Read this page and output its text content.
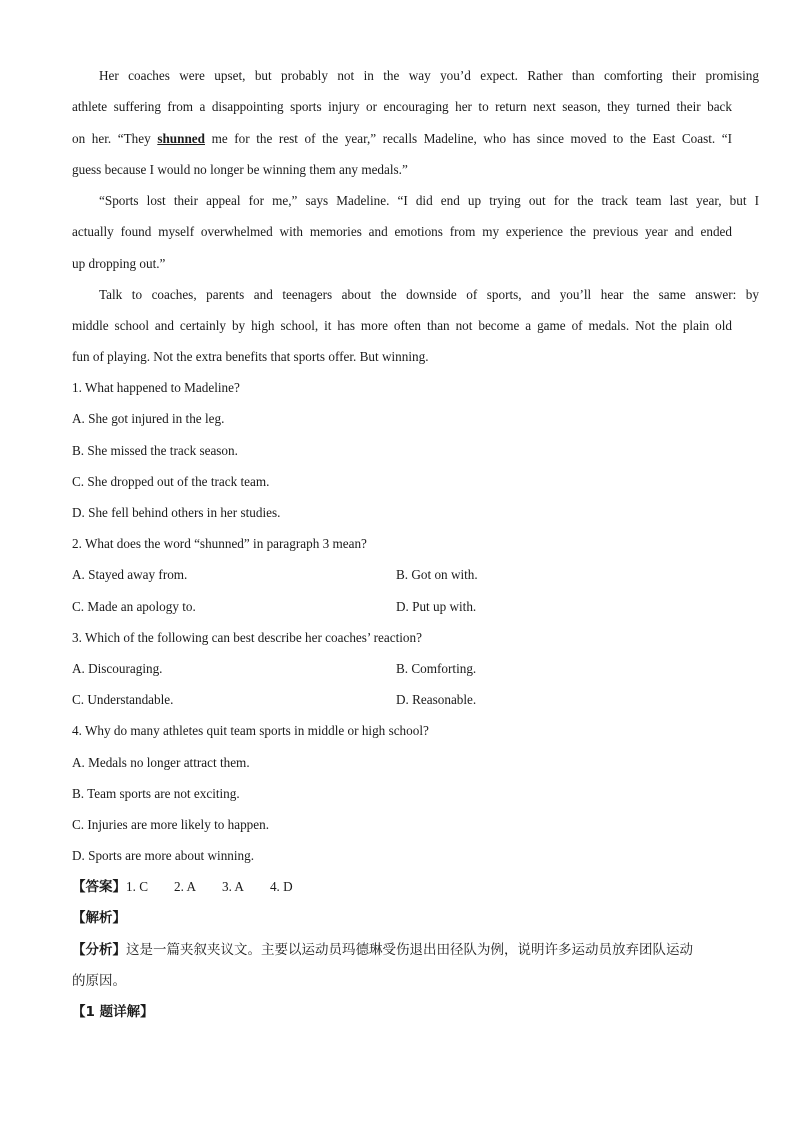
Her coaches were upset, but probably not in the way you’d expect. Rather than comforting their promising
athlete suffering from a disappointing sports injury or encouraging her to return next season, they turned their back
on her. “They shunned me for the rest of the year,” recalls Madeline, who has since moved to the East Coast. “I
guess because I would no longer be winning them any medals.”
“Sports lost their appeal for me,” says Madeline. “I did end up trying out for the track team last year, but I
actually found myself overwhelmed with memories and emotions from my experience the previous year and ended
up dropping out.”
Talk to coaches, parents and teenagers about the downside of sports, and you’ll hear the same answer: by
middle school and certainly by high school, it has more often than not become a game of medals. Not the plain old
fun of playing. Not the extra benefits that sports offer. But winning.
1. What happened to Madeline?
A. She got injured in the leg.
B. She missed the track season.
C. She dropped out of the track team.
D. She fell behind others in her studies.
2. What does the word “shunned” in paragraph 3 mean?
A. Stayed away from.	B. Got on with.
C. Made an apology to.	D. Put up with.
3. Which of the following can best describe her coaches’ reaction?
A. Discouraging.	B. Comforting.
C. Understandable.	D. Reasonable.
4. Why do many athletes quit team sports in middle or high school?
A. Medals no longer attract them.
B. Team sports are not exciting.
C. Injuries are more likely to happen.
D. Sports are more about winning.
【答案】1. C 2. A 3. A 4. D
【解析】
【分析】这是一篇夹叙夹议文。主要以运动员玛德琳受伤退出田径队为例，说明许多运动员放弃团队运动
的原因。
【1 题详解】
